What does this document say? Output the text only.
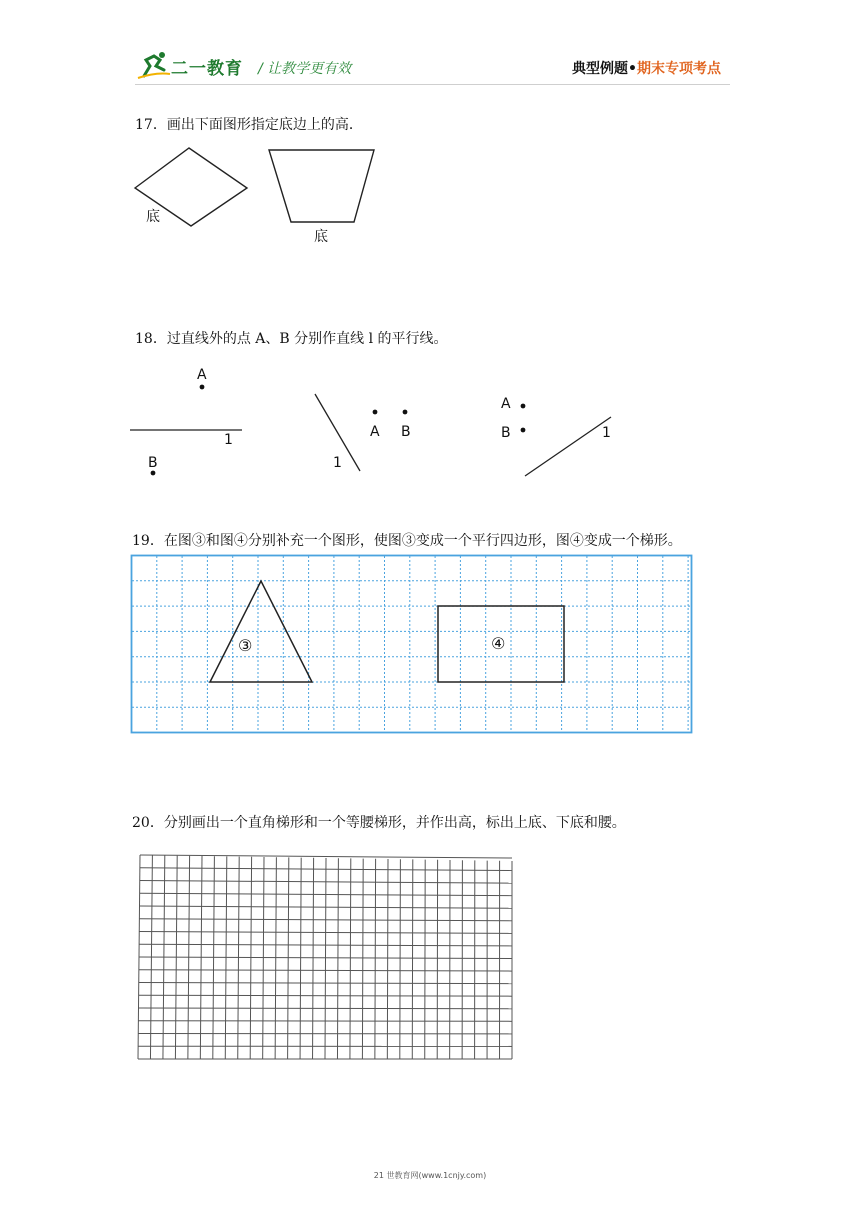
二一教育 / 让教学更有效	典型例题•期末专项考点
17．画出下面图形指定底边上的高．
底
底
18．过直线外的点 A、B 分别作直线 l 的平行线。
A
1
B
A B
1
A
B	1
19．在图③和图④分别补充一个图形，使图③变成一个平行四边形，图④变成一个梯形。
③	④
20．分别画出一个直角梯形和一个等腰梯形，并作出高，标出上底、下底和腰。
21 世教育网(www.1cnjy.com)
